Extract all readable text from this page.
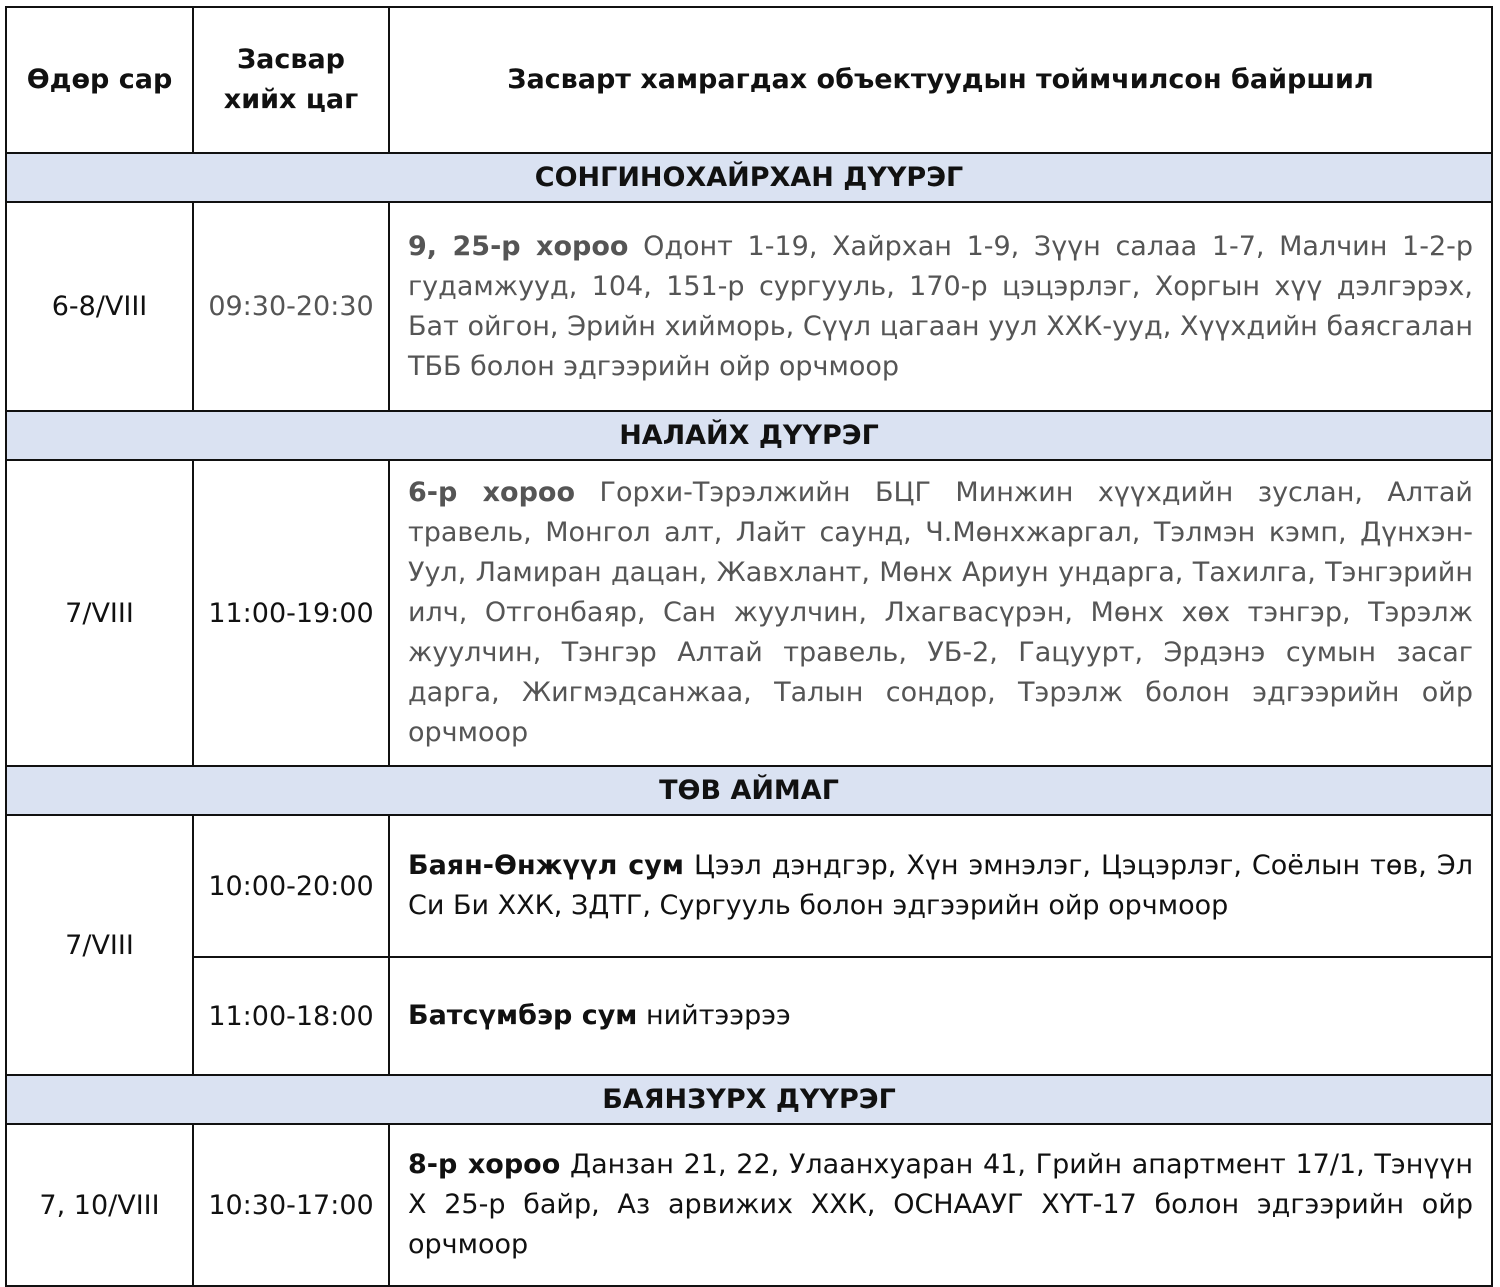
Өдөр сар	Засвар хийх цаг	Засварт хамрагдах объектуудын тоймчилсон байршил
СОНГИНОХАЙРХАН ДҮҮРЭГ		
6-8/VIII	09:30-20:30	9, 25-р хороо Одонт 1-19, Хайрхан 1-9, Зүүн салаа 1-7, Малчин 1-2-р гудамжууд, 104, 151-р сургууль, 170-р цэцэрлэг, Хоргын хүү дэлгэрэх, Бат ойгон, Эрийн хийморь, Сүүл цагаан уул ХХК-ууд, Хүүхдийн баясгалан ТББ болон эдгээрийн ойр орчмоор
НАЛАЙХ ДҮҮРЭГ		
7/VIII	11:00-19:00	6-р хороо Горхи-Тэрэлжийн БЦГ Минжин хүүхдийн зуслан, Алтай травель, Монгол алт, Лайт саунд, Ч.Мөнхжаргал, Тэлмэн кэмп, Дүнхэн-Уул, Ламиран дацан, Жавхлант, Мөнх Ариун ундарга, Тахилга, Тэнгэрийн илч, Отгонбаяр, Сан жуулчин, Лхагвасүрэн, Мөнх хөх тэнгэр, Тэрэлж жуулчин, Тэнгэр Алтай травель, УБ-2, Гацуурт, Эрдэнэ сумын засаг дарга, Жигмэдсанжаа, Талын сондор, Тэрэлж болон эдгээрийн ойр орчмоор
ТӨВ АЙМАГ		
7/VIII	10:00-20:00	Баян-Өнжүүл сум Цээл дэндгэр, Хүн эмнэлэг, Цэцэрлэг, Соёлын төв, Эл Си Би ХХК, ЗДТГ, Сургууль болон эдгээрийн ойр орчмоор
	11:00-18:00	Батсүмбэр сум нийтээрээ
БАЯНЗҮРХ ДҮҮРЭГ		
7, 10/VIII	10:30-17:00	8-р хороо Данзан 21, 22, Улаанхуаран 41, Грийн апартмент 17/1, Тэнүүн Х 25-р байр, Аз арвижих ХХК, ОСНААУГ ХҮТ-17 болон эдгээрийн ойр орчмоор
